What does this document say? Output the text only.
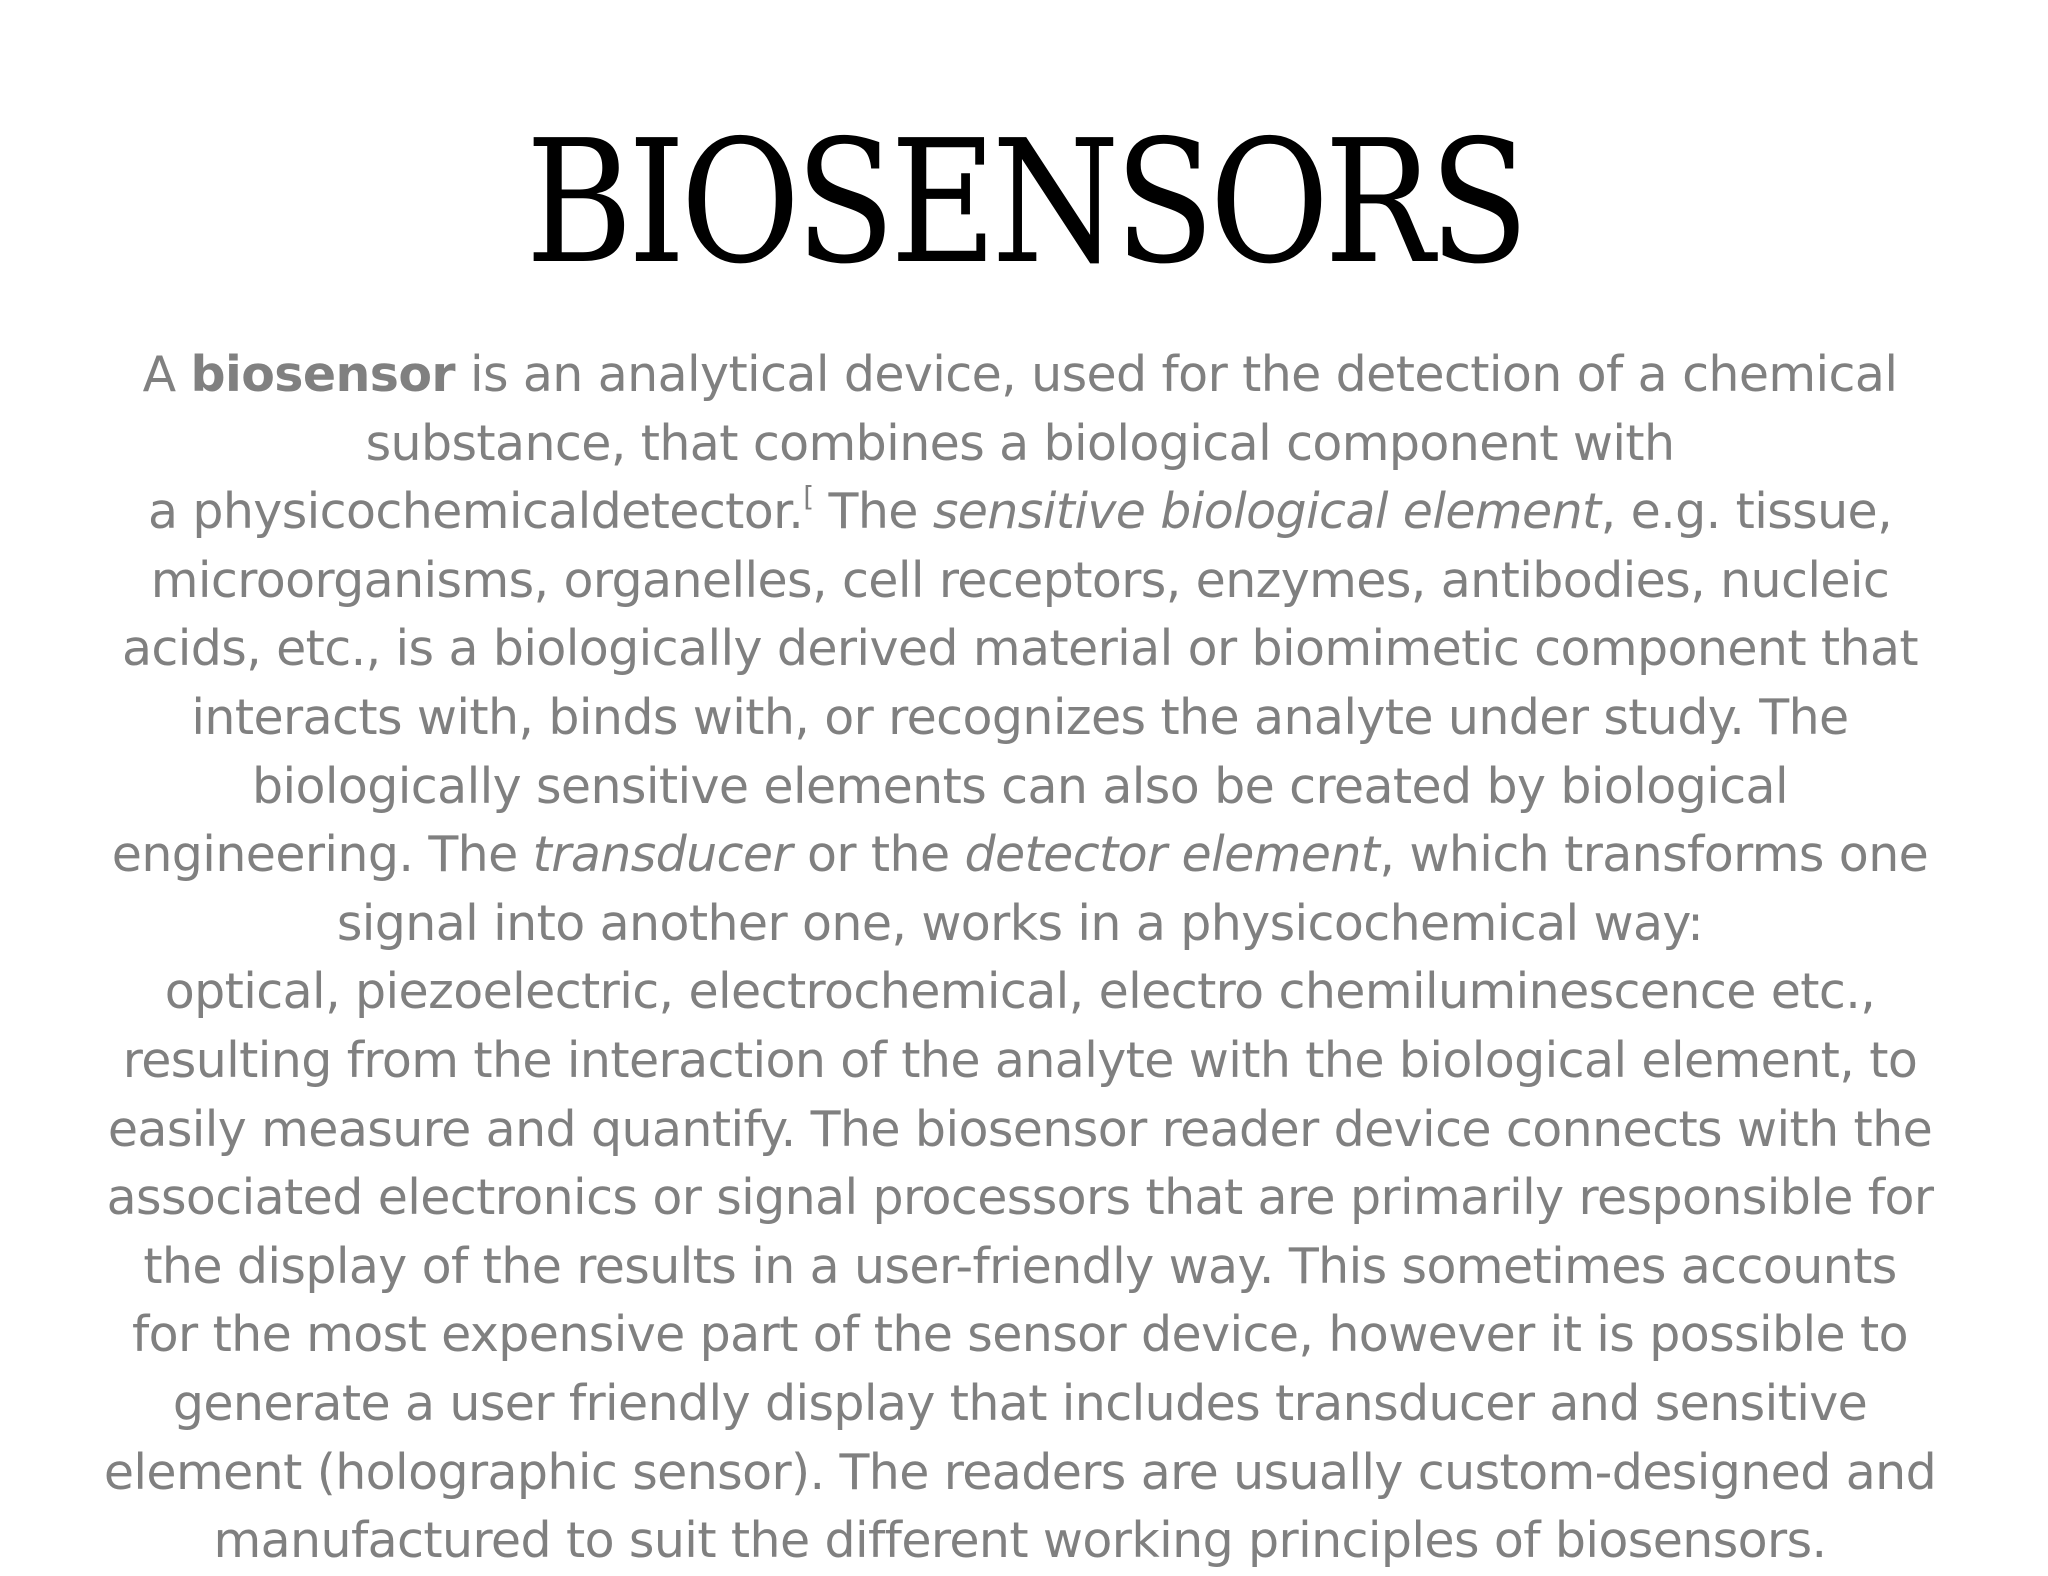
BIOSENSORS
A biosensor is an analytical device, used for the detection of a chemical
substance, that combines a biological component with
a physicochemicaldetector.[ The sensitive biological element, e.g. tissue,
microorganisms, organelles, cell receptors, enzymes, antibodies, nucleic
acids, etc., is a biologically derived material or biomimetic component that
interacts with, binds with, or recognizes the analyte under study. The
biologically sensitive elements can also be created by biological
engineering. The transducer or the detector element, which transforms one
signal into another one, works in a physicochemical way:
optical, piezoelectric, electrochemical, electro chemiluminescence etc.,
resulting from the interaction of the analyte with the biological element, to
easily measure and quantify. The biosensor reader device connects with the
associated electronics or signal processors that are primarily responsible for
the display of the results in a user-friendly way. This sometimes accounts
for the most expensive part of the sensor device, however it is possible to
generate a user friendly display that includes transducer and sensitive
element (holographic sensor). The readers are usually custom-designed and
manufactured to suit the different working principles of biosensors.
